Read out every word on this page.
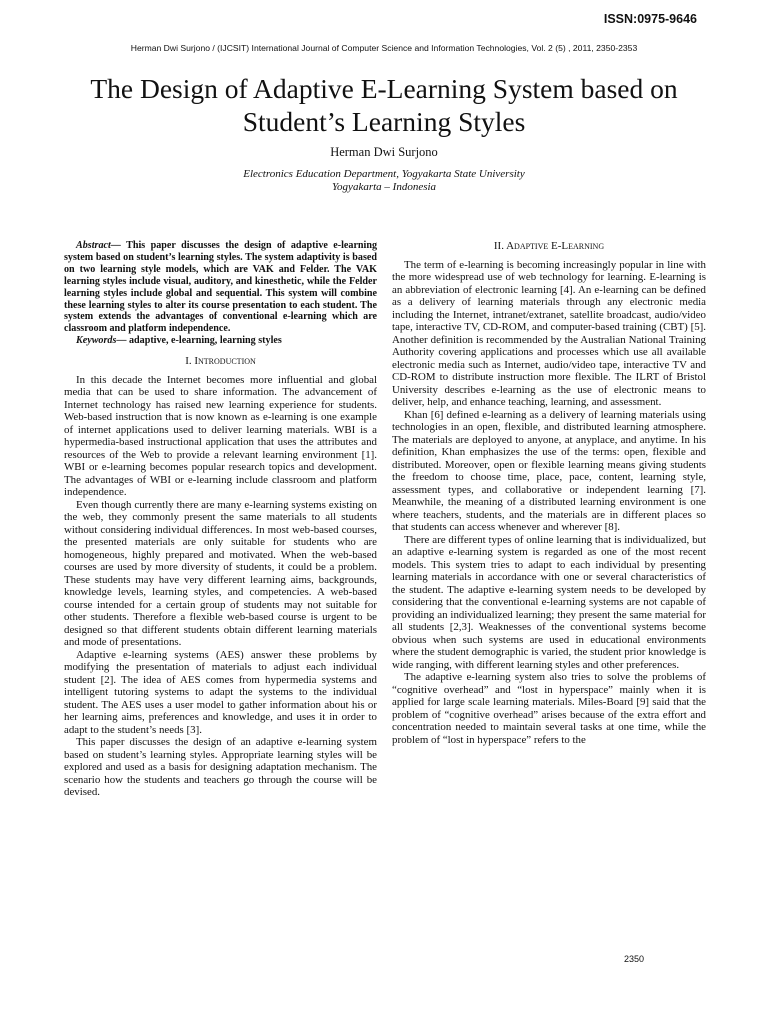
ISSN:0975-9646
Herman Dwi Surjono / (IJCSIT) International Journal of Computer Science and Information Technologies, Vol. 2 (5) , 2011, 2350-2353
The Design of Adaptive E-Learning System based on Student’s Learning Styles
Herman Dwi Surjono
Electronics Education Department, Yogyakarta State University
Yogyakarta – Indonesia

Abstract— This paper discusses the design of adaptive e-learning system based on student’s learning styles. The system adaptivity is based on two learning style models, which are VAK and Felder. The VAK learning styles include visual, auditory, and kinesthetic, while the Felder learning styles include global and sequential. This system will combine these learning styles to alter its course presentation to each student. The system extends the advantages of conventional e-learning which are classroom and platform independence.

Keywords— adaptive, e-learning, learning styles

I. Introduction

In this decade the Internet becomes more influential and global media that can be used to share information. The advancement of Internet technology has raised new learning experience for students. Web-based instruction that is now known as e-learning is one example of internet applications used to deliver learning materials. WBI is a hypermedia-based instructional application that uses the attributes and resources of the Web to provide a relevant learning environment [1]. WBI or e-learning becomes popular research topics and development. The advantages of WBI or e-learning include classroom and platform independence.

Even though currently there are many e-learning systems existing on the web, they commonly present the same materials to all students without considering individual differences. In most web-based courses, the presented materials are only suitable for students who are homogeneous, highly prepared and motivated. When the web-based courses are used by more diversity of students, it could be a problem. These students may have very different learning aims, backgrounds, knowledge levels, learning styles, and competencies. A web-based course intended for a certain group of students may not suitable for other students. Therefore a flexible web-based course is urgent to be designed so that different students obtain different learning materials and mode of presentations.

Adaptive e-learning systems (AES) answer these problems by modifying the presentation of materials to adjust each individual student [2]. The idea of AES comes from hypermedia systems and intelligent tutoring systems to adapt the systems to the individual student. The AES uses a user model to gather information about his or her learning aims, preferences and knowledge, and uses it in order to adapt to the student’s needs [3].

This paper discusses the design of an adaptive e-learning system based on student’s learning styles. Appropriate learning styles will be explored and used as a basis for designing adaptation mechanism. The scenario how the students and teachers go through the course will be devised.

II. Adaptive E-Learning

The term of e-learning is becoming increasingly popular in line with the more widespread use of web technology for learning. E-learning is an abbreviation of electronic learning [4]. An e-learning can be defined as a delivery of learning materials through any electronic media including the Internet, intranet/extranet, satellite broadcast, audio/video tape, interactive TV, CD-ROM, and computer-based training (CBT) [5]. Another definition is recommended by the Australian National Training Authority covering applications and processes which use all available electronic media such as Internet, audio/video tape, interactive TV and CD-ROM to distribute instruction more flexible. The ILRT of Bristol University describes e-learning as the use of electronic means to deliver, help, and enhance teaching, learning, and assessment.

Khan [6] defined e-learning as a delivery of learning materials using technologies in an open, flexible, and distributed learning atmosphere. The materials are deployed to anyone, at anyplace, and anytime. In his definition, Khan emphasizes the use of the terms: open, flexible and distributed. Moreover, open or flexible learning means giving students the freedom to choose time, place, pace, content, learning style, assessment types, and collaborative or independent learning [7]. Meanwhile, the meaning of a distributed learning environment is one where teachers, students, and the materials are in different places so that students can access whenever and wherever [8].

There are different types of online learning that is individualized, but an adaptive e-learning system is regarded as one of the most recent models. This system tries to adapt to each individual by presenting learning materials in accordance with one or several characteristics of the student. The adaptive e-learning system needs to be developed by considering that the conventional e-learning systems are not capable of providing an individualized learning; they present the same material for all students [2,3]. Weaknesses of the conventional systems become obvious when such systems are used in educational environments where the student demographic is varied, the student prior knowledge is wide ranging, with different learning styles and other preferences.

The adaptive e-learning system also tries to solve the problems of “cognitive overhead” and “lost in hyperspace” mainly when it is applied for large scale learning materials. Miles-Board [9] said that the problem of “cognitive overhead” arises because of the extra effort and concentration needed to maintain several tasks at one time, while the problem of “lost in hyperspace” refers to the

2350
